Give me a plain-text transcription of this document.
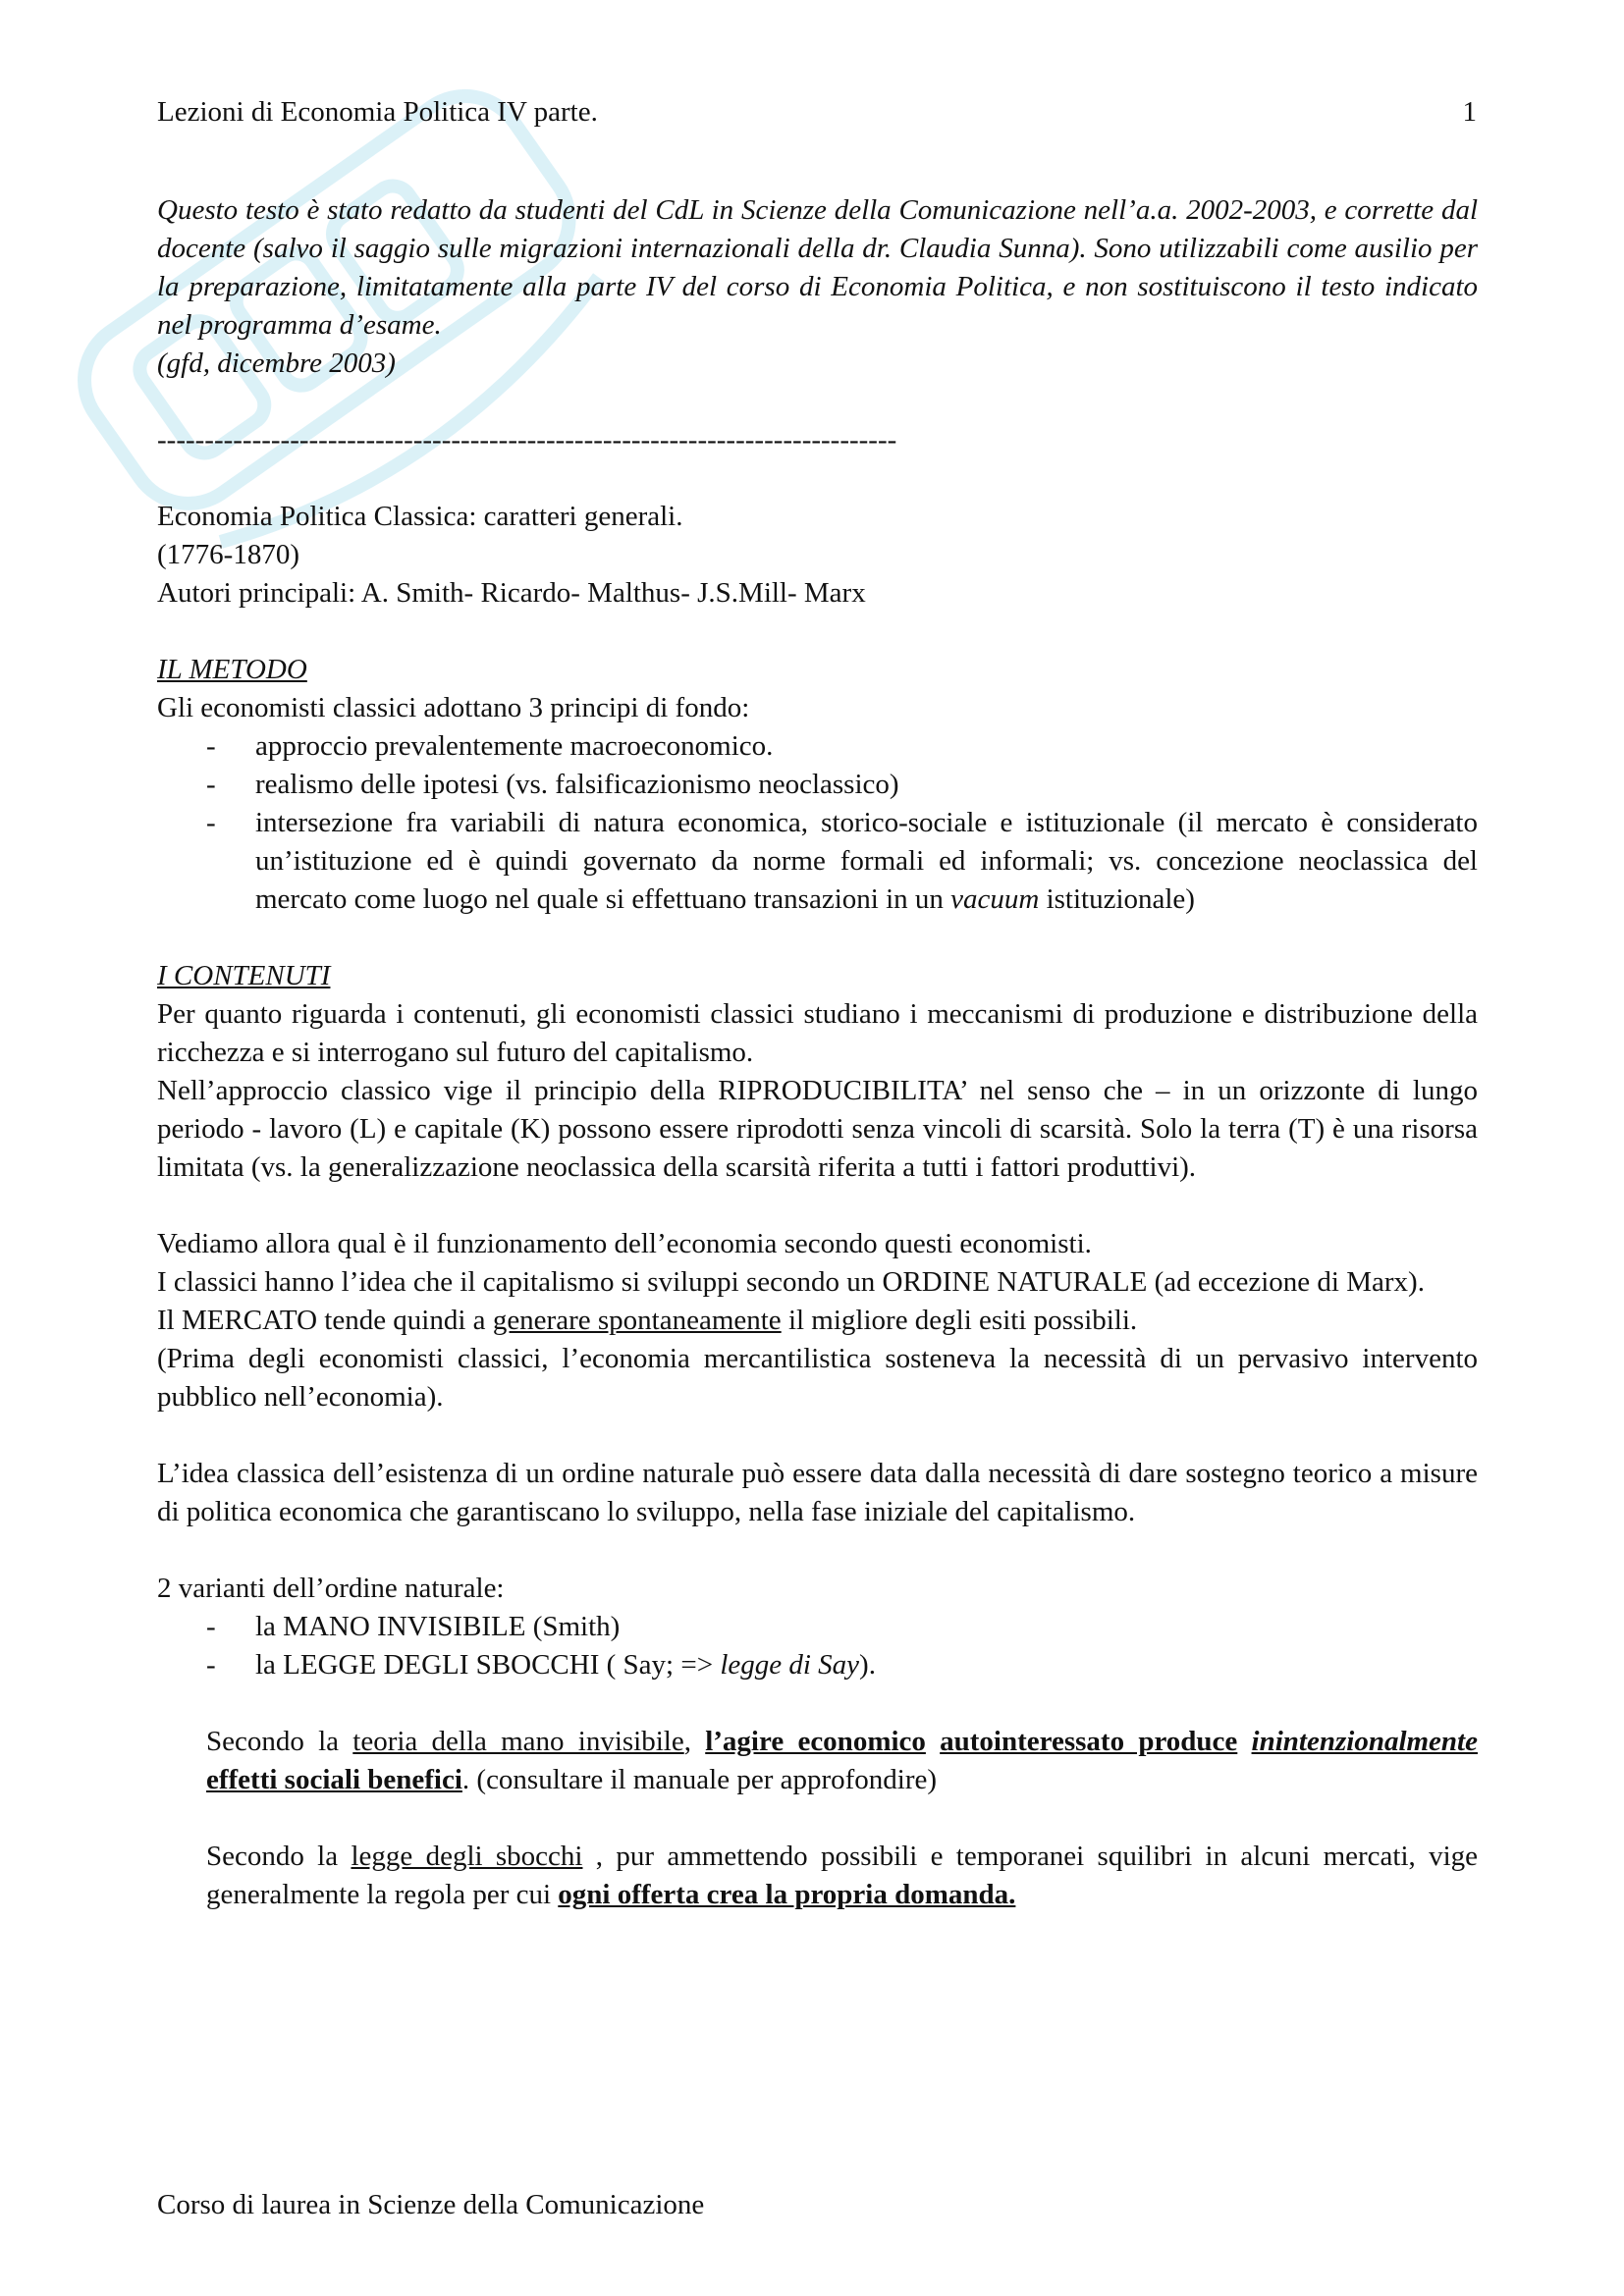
Lezioni di Economia Politica IV parte.	1

Questo testo è stato redatto da studenti del CdL in Scienze della Comunicazione nell’a.a. 2002-2003, e corrette dal docente (salvo il saggio sulle migrazioni internazionali della dr. Claudia Sunna). Sono utilizzabili come ausilio per la preparazione, limitatamente alla parte IV del corso di Economia Politica, e non sostituiscono il testo indicato nel programma d’esame.

(gfd, dicembre 2003)

------------------------------------------------------------------------------

Economia Politica Classica: caratteri generali.

(1776-1870)

Autori principali: A. Smith- Ricardo- Malthus- J.S.Mill- Marx

IL METODO

Gli economisti classici adottano 3 principi di fondo:

- approccio prevalentemente macroeconomico.
- realismo delle ipotesi (vs. falsificazionismo neoclassico)
- intersezione fra variabili di natura economica, storico-sociale e istituzionale (il mercato è considerato un’istituzione ed è quindi governato da norme formali ed informali; vs. concezione neoclassica del mercato come luogo nel quale si effettuano transazioni in un vacuum istituzionale)

I CONTENUTI

Per quanto riguarda i contenuti, gli economisti classici studiano i meccanismi di produzione e distribuzione della ricchezza e si interrogano sul futuro del capitalismo.

Nell’approccio classico vige il principio della RIPRODUCIBILITA’ nel senso che – in un orizzonte di lungo periodo - lavoro (L) e capitale (K) possono essere riprodotti senza vincoli di scarsità. Solo la terra (T) è una risorsa limitata (vs. la generalizzazione neoclassica della scarsità riferita a tutti i fattori produttivi).

Vediamo allora qual è il funzionamento dell’economia secondo questi economisti.

I classici hanno l’idea che il capitalismo si sviluppi secondo un ORDINE NATURALE (ad eccezione di Marx).

Il MERCATO tende quindi a generare spontaneamente il migliore degli esiti possibili.

(Prima degli economisti classici, l’economia mercantilistica sosteneva la necessità di un pervasivo intervento pubblico nell’economia).

L’idea classica dell’esistenza di un ordine naturale può essere data dalla necessità di dare sostegno teorico a misure di politica economica che garantiscano lo sviluppo, nella fase iniziale del capitalismo.

2 varianti dell’ordine naturale:

- la MANO INVISIBILE (Smith)
- la LEGGE DEGLI SBOCCHI ( Say; => legge di Say).

Secondo la teoria della mano invisibile, l’agire economico autointeressato produce inintenzionalmente effetti sociali benefici. (consultare il manuale per approfondire)

Secondo la legge degli sbocchi , pur ammettendo possibili e temporanei squilibri in alcuni mercati, vige generalmente la regola per cui ogni offerta crea la propria domanda.

Corso di laurea in Scienze della Comunicazione
